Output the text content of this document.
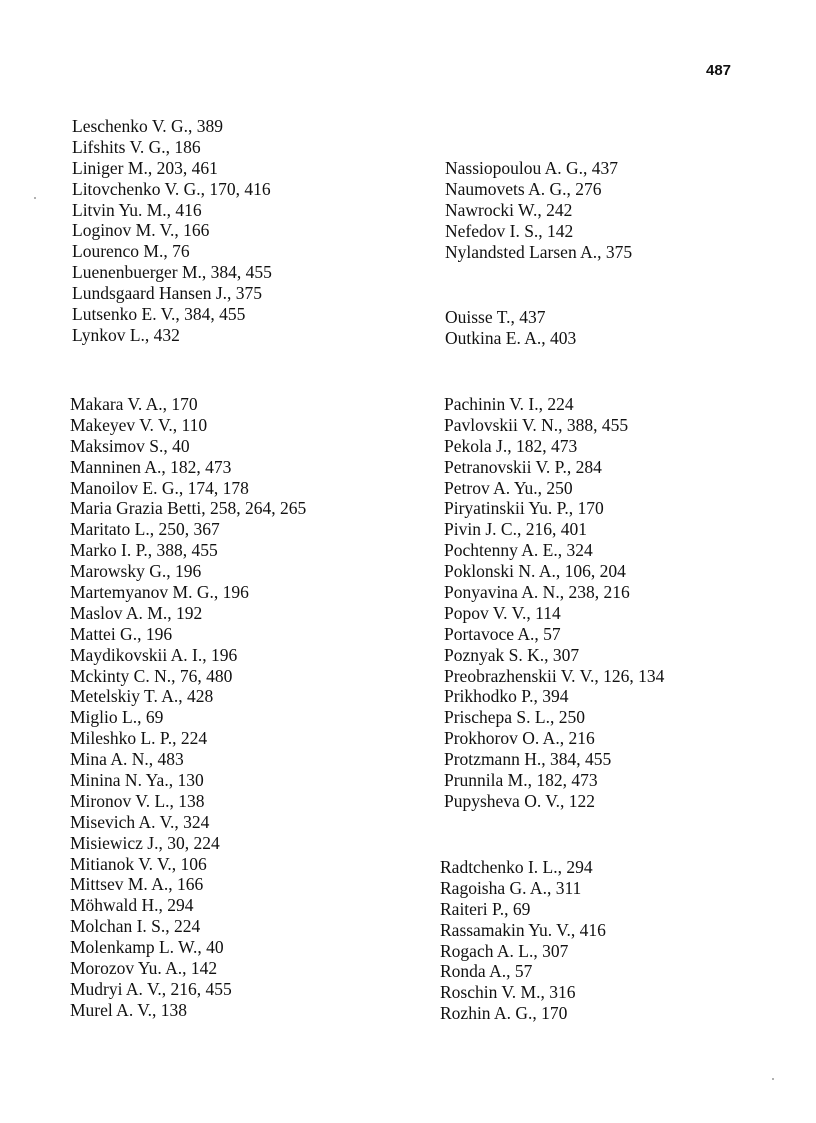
487
Leschenko V. G., 389
Lifshits V. G., 186
Liniger M., 203, 461
Litovchenko V. G., 170, 416
Litvin Yu. M., 416
Loginov M. V., 166
Lourenco M., 76
Luenenbuerger M., 384, 455
Lundsgaard Hansen J., 375
Lutsenko E. V., 384, 455
Lynkov L., 432
Makara V. A., 170
Makeyev V. V., 110
Maksimov S., 40
Manninen A., 182, 473
Manoilov E. G., 174, 178
Maria Grazia Betti, 258, 264, 265
Maritato L., 250, 367
Marko I. P., 388, 455
Marowsky G., 196
Martemyanov M. G., 196
Maslov A. M., 192
Mattei G., 196
Maydikovskii A. I., 196
Mckinty C. N., 76, 480
Metelskiy T. A., 428
Miglio L., 69
Mileshko L. P., 224
Mina A. N., 483
Minina N. Ya., 130
Mironov V. L., 138
Misevich A. V., 324
Misiewicz J., 30, 224
Mitianok V. V., 106
Mittsev M. A., 166
Möhwald H., 294
Molchan I. S., 224
Molenkamp L. W., 40
Morozov Yu. A., 142
Mudryi A. V., 216, 455
Murel A. V., 138
Nassiopoulou A. G., 437
Naumovets A. G., 276
Nawrocki W., 242
Nefedov I. S., 142
Nylandsted Larsen A., 375
Ouisse T., 437
Outkina E. A., 403
Pachinin V. I., 224
Pavlovskii V. N., 388, 455
Pekola J., 182, 473
Petranovskii V. P., 284
Petrov A. Yu., 250
Piryatinskii Yu. P., 170
Pivin J. C., 216, 401
Pochtenny A. E., 324
Poklonski N. A., 106, 204
Ponyavina A. N., 238, 216
Popov V. V., 114
Portavoce A., 57
Poznyak S. K., 307
Preobrazhenskii V. V., 126, 134
Prikhodko P., 394
Prischepa S. L., 250
Prokhorov O. A., 216
Protzmann H., 384, 455
Prunnila M., 182, 473
Pupysheva O. V., 122
Radtchenko I. L., 294
Ragoisha G. A., 311
Raiteri P., 69
Rassamakin Yu. V., 416
Rogach A. L., 307
Ronda A., 57
Roschin V. M., 316
Rozhin A. G., 170
